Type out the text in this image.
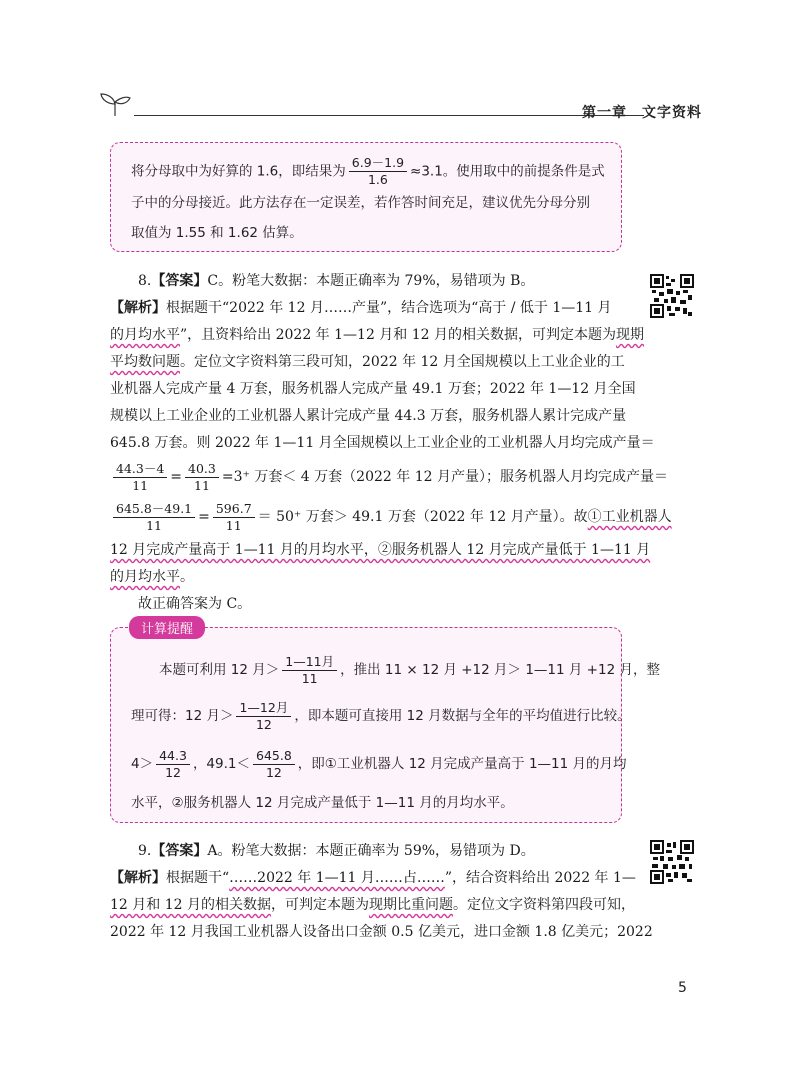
第一章　文字资料
将分母取中为好算的 1.6，即结果为 $\frac{6.9-1.9}{1.6} \approx 3.1$。使用取中的前提条件是式
子中的分母接近。此方法存在一定误差，若作答时间充足，建议优先分母分别
取值为 1.55 和 1.62 估算。
8.【答案】C。粉笔大数据：本题正确率为 79%，易错项为 B。
【解析】根据题干“2022 年 12 月……产量”，结合选项为“高于 / 低于 1—11 月
的月均水平”，且资料给出 2022 年 1—12 月和 12 月的相关数据，可判定本题为现期
平均数问题。定位文字资料第三段可知，2022 年 12 月全国规模以上工业企业的工
业机器人完成产量 4 万套，服务机器人完成产量 49.1 万套；2022 年 1—12 月全国
规模以上工业企业的工业机器人累计完成产量 44.3 万套，服务机器人累计完成产量
645.8 万套。则 2022 年 1—11 月全国规模以上工业企业的工业机器人月均完成产量＝
$\frac{44.3-4}{11} = \frac{40.3}{11} =3^+$ 万套＜ 4 万套（2022 年 12 月产量）；服务机器人月均完成产量＝
$\frac{645.8-49.1}{11} = \frac{596.7}{11} = 50^+$ 万套＞ 49.1 万套（2022 年 12 月产量）。故①工业机器人
12 月完成产量高于 1—11 月的月均水平，②服务机器人 12 月完成产量低于 1—11 月
的月均水平。
故正确答案为 C。
计算提醒
本题可利用 12 月＞ $\frac{\text{1—11月}}{11}$ ，推出 11 × 12 月 +12 月＞ 1—11 月 +12 月，整
理可得：12 月＞ $\frac{\text{1—12月}}{12}$ ，即本题可直接用 12 月数据与全年的平均值进行比较。
$4> \frac{44.3}{12}$ ，$49.1< \frac{645.8}{12}$ ，即①工业机器人 12 月完成产量高于 1—11 月的月均
水平，②服务机器人 12 月完成产量低于 1—11 月的月均水平。
9.【答案】A。粉笔大数据：本题正确率为 59%，易错项为 D。
【解析】根据题干“……2022 年 1—11 月……占……”，结合资料给出 2022 年 1—
12 月和 12 月的相关数据，可判定本题为现期比重问题。定位文字资料第四段可知，
2022 年 12 月我国工业机器人设备出口金额 0.5 亿美元，进口金额 1.8 亿美元；2022
5
